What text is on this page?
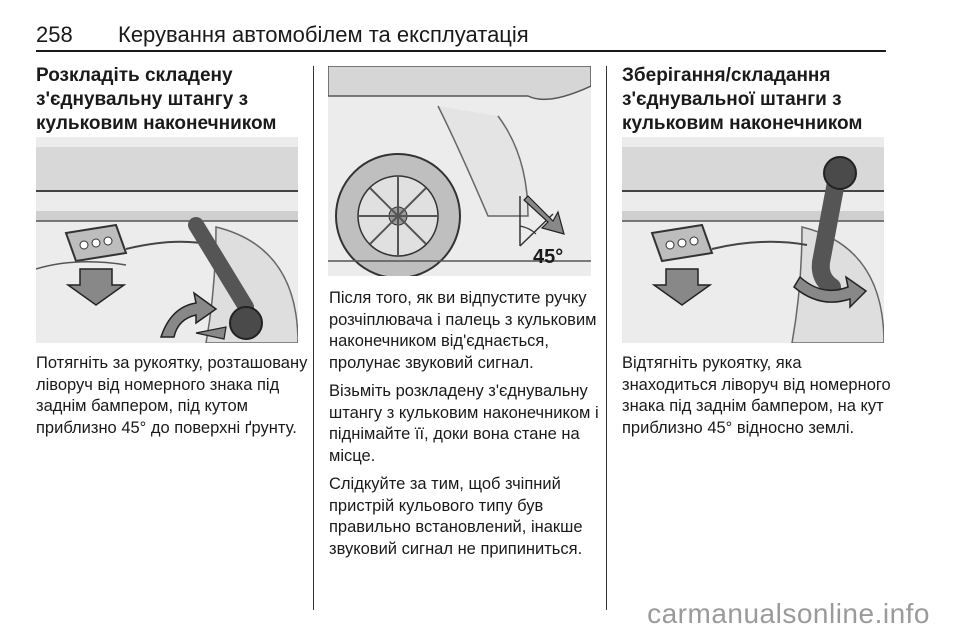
258 Керування автомобілем та експлуатація
Розкладіть складену
з'єднувальну штангу з
кульковим наконечником
Потягніть за рукоятку, розташовану
ліворуч від номерного знака під
заднім бампером, під кутом
приблизно 45° до поверхні ґрунту.
45°

Після того, як ви відпустите ручку
розчіплювача і палець з кульковим
наконечником від'єднається,
пролунає звуковий сигнал.

Візьміть розкладену з'єднувальну
штангу з кульковим наконечником і
піднімайте її, доки вона стане на
місце.

Слідкуйте за тим, щоб зчіпний
пристрій кульового типу був
правильно встановлений, інакше
звуковий сигнал не припиниться.

Зберігання/складання
з'єднувальної штанги з
кульковим наконечником
Відтягніть рукоятку, яка
знаходиться ліворуч від номерного
знака під заднім бампером, на кут
приблизно 45° відносно землі.
carmanualsonline.info
